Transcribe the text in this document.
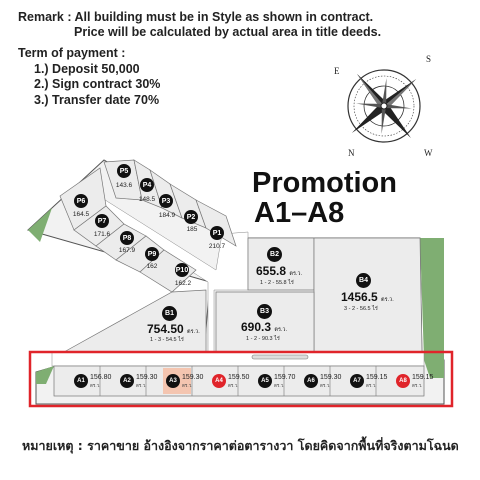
Remark : All building must be in Style as shown in contract.
Price will be calculated by actual area in title deeds.
Term of payment :
1.) Deposit 50,000
2.) Sign contract 30%
3.) Transfer date 70%
S
E
W
N
Promotion
A1–A8
P5
143.6	P4
148.5 P3
184.9	P2
185	P1
210.7
P6
164.5
P7
171.6	P8
167.9	P9
162	P10
162.2
B2
655.8 ตร.ว.
1 - 2 - 55.8 ไร่	B4
1456.5 ตร.ว.
3 - 2 - 56.5 ไร่
B1
754.50 ตร.ว.
1 - 3 - 54.5 ไร่
B3
690.3 ตร.ว.
1 - 2 - 90.3 ไร่
A1 156.80
ตร.ว.
A2 159.30
ตร.ว.
A3 159.30
ตร.ว.
A4 159.50
ตร.ว.
A5 159.70
ตร.ว.
A6 159.30
ตร.ว.
A7 159.15
ตร.ว.
A8 159.15
ตร.ว.
หมายเหตุ : ราคาขาย อ้างอิงจากราคาต่อตารางวา โดยคิดจากพื้นที่จริงตามโฉนด
